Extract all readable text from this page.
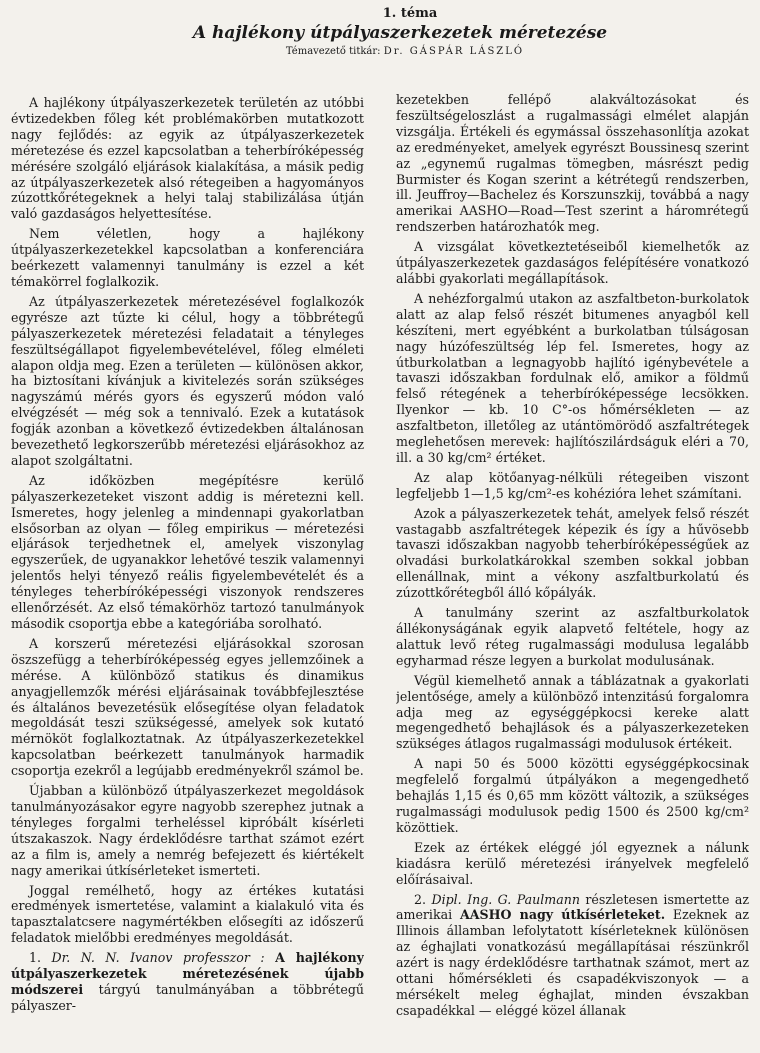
1. téma
A hajlékony útpályaszerkezetek méretezése
Témavezető titkár: Dr. GÁSPÁR LÁSZLÓ

A hajlékony útpályaszerkezetek területén az utóbbi évtizedekben főleg két problémakörben mutatkozott nagy fejlődés: az egyik az útpályaszerkezetek méretezése és ezzel kapcsolatban a teherbíróképesség mérésére szolgáló eljárások kialakítása, a másik pedig az útpályaszerkezetek alsó rétegeiben a hagyományos zúzottkőrétegeknek a helyi talaj stabilizálása útján való gazdaságos helyettesítése.

Nem véletlen, hogy a hajlékony útpályaszerkezetekkel kapcsolatban a konferenciára beérkezett valamennyi tanulmány is ezzel a két témakörrel foglalkozik.

Az útpályaszerkezetek méretezésével foglalkozók egyrésze azt tűzte ki célul, hogy a többrétegű pályaszerkezetek méretezési feladatait a tényleges feszültségállapot figyelembevételével, főleg elméleti alapon oldja meg. Ezen a területen — különösen akkor, ha biztosítani kívánjuk a kivitelezés során szükséges nagyszámú mérés gyors és egyszerű módon való elvégzését — még sok a tennivaló. Ezek a kutatások fogják azonban a következő évtizedekben általánosan bevezethető legkorszerűbb méretezési eljárásokhoz az alapot szolgáltatni.

Az időközben megépítésre kerülő pályaszerkezeteket viszont addig is méretezni kell. Ismeretes, hogy jelenleg a mindennapi gyakorlatban elsősorban az olyan — főleg empirikus — méretezési eljárások terjedhetnek el, amelyek viszonylag egyszerűek, de ugyanakkor lehetővé teszik valamennyi jelentős helyi tényező reális figyelembevételét és a tényleges teherbíróképességi viszonyok rendszeres ellenőrzését. Az első témakörhöz tartozó tanulmányok második csoportja ebbe a kategóriába sorolható.

A korszerű méretezési eljárásokkal szorosan öszszefügg a teherbíróképesség egyes jellemzőinek a mérése. A különböző statikus és dinamikus anyagjellemzők mérési eljárásainak továbbfejlesztése és általános bevezetésük elősegítése olyan feladatok megoldását teszi szükségessé, amelyek sok kutató mérnököt foglalkoztatnak. Az útpályaszerkezetekkel kapcsolatban beérkezett tanulmányok harmadik csoportja ezekről a legújabb eredményekről számol be.

Újabban a különböző útpályaszerkezet megoldások tanulmányozásakor egyre nagyobb szerephez jutnak a tényleges forgalmi terheléssel kipróbált kísérleti útszakaszok. Nagy érdeklődésre tarthat számot ezért az a film is, amely a nemrég befejezett és kiértékelt nagy amerikai útkísérleteket ismerteti.

Joggal remélhető, hogy az értékes kutatási eredmények ismertetése, valamint a kialakuló vita és tapasztalatcsere nagymértékben elősegíti az időszerű feladatok mielőbbi eredményes megoldását.

1. Dr. N. N. Ivanov professzor : A hajlékony útpályaszerkezetek méretezésének újabb módszerei tárgyú tanulmányában a többrétegű pályaszer-

kezetekben fellépő alakváltozásokat és feszültségeloszlást a rugalmassági elmélet alapján vizsgálja. Értékeli és egymással összehasonlítja azokat az eredményeket, amelyek egyrészt Boussinesq szerint az „egynemű rugalmas tömegben, másrészt pedig Burmister és Kogan szerint a kétrétegű rendszerben, ill. Jeuffroy—Bachelez és Korszunszkij, továbbá a nagy amerikai AASHO—Road—Test szerint a háromrétegű rendszerben határozhatók meg.

A vizsgálat következtetéseiből kiemelhetők az útpályaszerkezetek gazdaságos felépítésére vonatkozó alábbi gyakorlati megállapítások.

A nehézforgalmú utakon az aszfaltbeton-burkolatok alatt az alap felső részét bitumenes anyagból kell készíteni, mert egyébként a burkolatban túlságosan nagy húzófeszültség lép fel. Ismeretes, hogy az útburkolatban a legnagyobb hajlító igénybevétele a tavaszi időszakban fordulnak elő, amikor a földmű felső rétegének a teherbíróképessége lecsökken. Ilyenkor — kb. 10 C°-os hőmérsékleten — az aszfaltbeton, illetőleg az utántömörödő aszfaltrétegek meglehetősen merevek: hajlítószilárdságuk eléri a 70, ill. a 30 kg/cm² értéket.

Az alap kötőanyag-nélküli rétegeiben viszont legfeljebb 1—1,5 kg/cm²-es kohézióra lehet számítani.

Azok a pályaszerkezetek tehát, amelyek felső részét vastagabb aszfaltrétegek képezik és így a hűvösebb tavaszi időszakban nagyobb teherbíróképességűek az olvadási burkolatkárokkal szemben sokkal jobban ellenállnak, mint a vékony aszfaltburkolatú és zúzottkőrétegből álló kőpályák.

A tanulmány szerint az aszfaltburkolatok állékonyságának egyik alapvető feltétele, hogy az alattuk levő réteg rugalmassági modulusa legalább egyharmad része legyen a burkolat modulusának.

Végül kiemelhető annak a táblázatnak a gyakorlati jelentősége, amely a különböző intenzitású forgalomra adja meg az egységgépkocsi kereke alatt megengedhető behajlások és a pályaszerkezeteken szükséges átlagos rugalmassági modulusok értékeit.

A napi 50 és 5000 közötti egységgépkocsinak megfelelő forgalmú útpályákon a megengedhető behajlás 1,15 és 0,65 mm között változik, a szükséges rugalmassági modulusok pedig 1500 és 2500 kg/cm² közöttiek.

Ezek az értékek eléggé jól egyeznek a nálunk kiadásra kerülő méretezési irányelvek megfelelő előírásaival.

2. Dipl. Ing. G. Paulmann részletesen ismertette az amerikai AASHO nagy útkísérleteket. Ezeknek az Illinois államban lefolytatott kísérleteknek különösen az éghajlati vonatkozású megállapításai részünkről azért is nagy érdeklődésre tarthatnak számot, mert az ottani hőmérsékleti és csapadékviszonyok — a mérsékelt meleg éghajlat, minden évszakban csapadékkal — eléggé közel állanak
